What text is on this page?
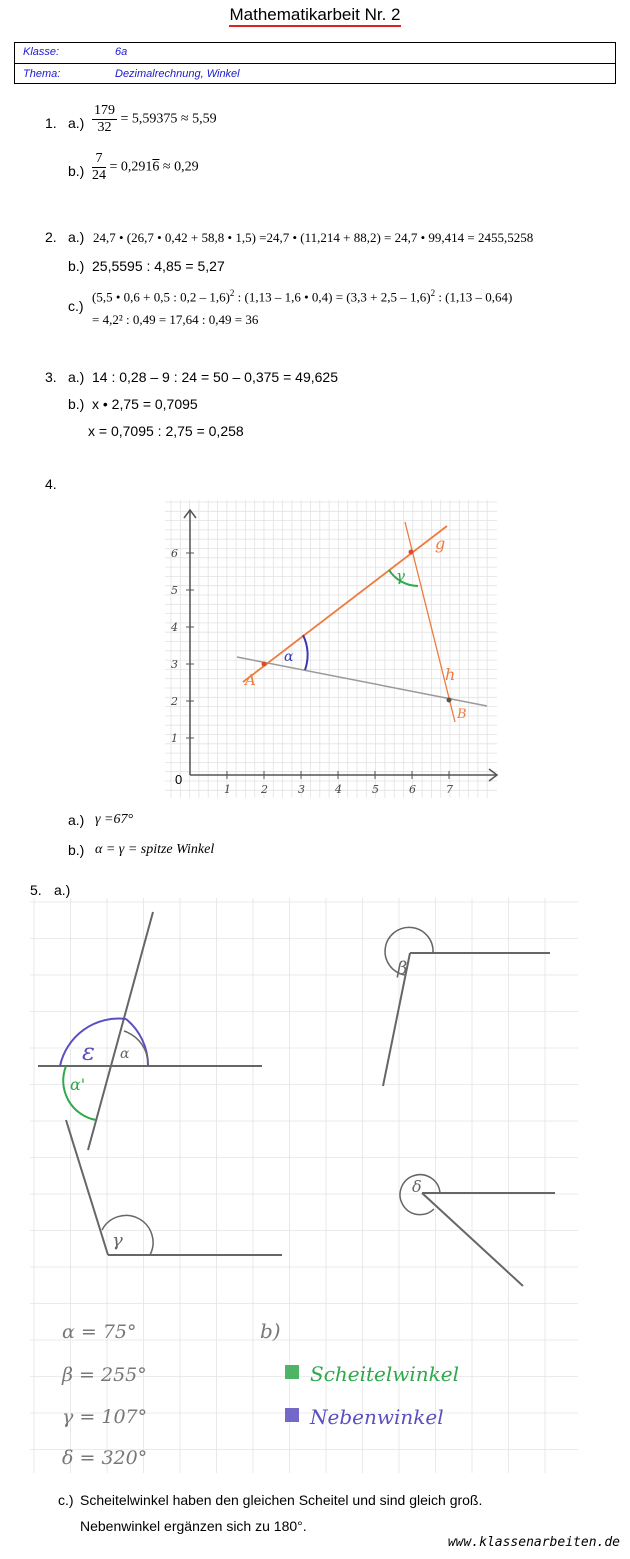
Mathematikarbeit Nr. 2
Klasse:	6a
Thema:	Dezimalrechnung, Winkel
1. $a.) \frac{179}{32} = 5,59375 \approx 5,59$
$b.) \frac{7}{24} = 0,2916 \approx 0,29$
2. a.) 24,7 • (26,7 • 0,42 + 58,8 • 1,5) =24,7 • (11,214 + 88,2) = 24,7 • 99,414 = 2455,5258
b.) 25,5595 : 4,85 = 5,27
c.)
(5,5 • 0,6 + 0,5 : 0,2 – 1,6)$^2$ : (1,13 – 1,6 • $0,4) = (3,3 + 2,5 - 1,6)^2$ : (1,13 – 0,64)
= 4,2² : 0,49 = 17,64 : 0,49 = 36
3. a.) 14 : 0,28 – 9 : 24 = 50 – 0,375 = 49,625
b.) x • 2,75 = 0,7095
x = 0,7095 : 2,75 = 0,258
4.
1	2	3	4	5	6	7
1
2
3
4
5
6
0
A
B
g
h
α
γ
a.) γ =67°
b.) α = γ = spitze Winkel
5. a.)
ε α
α'
γ
β
δ
α = 75°
β = 255°
γ = 107°
δ = 320°
b)
Scheitelwinkel
Nebenwinkel
c.) Scheitelwinkel haben den gleichen Scheitel und sind gleich groß.
Nebenwinkel ergänzen sich zu 180°.
www.klassenarbeiten.de
